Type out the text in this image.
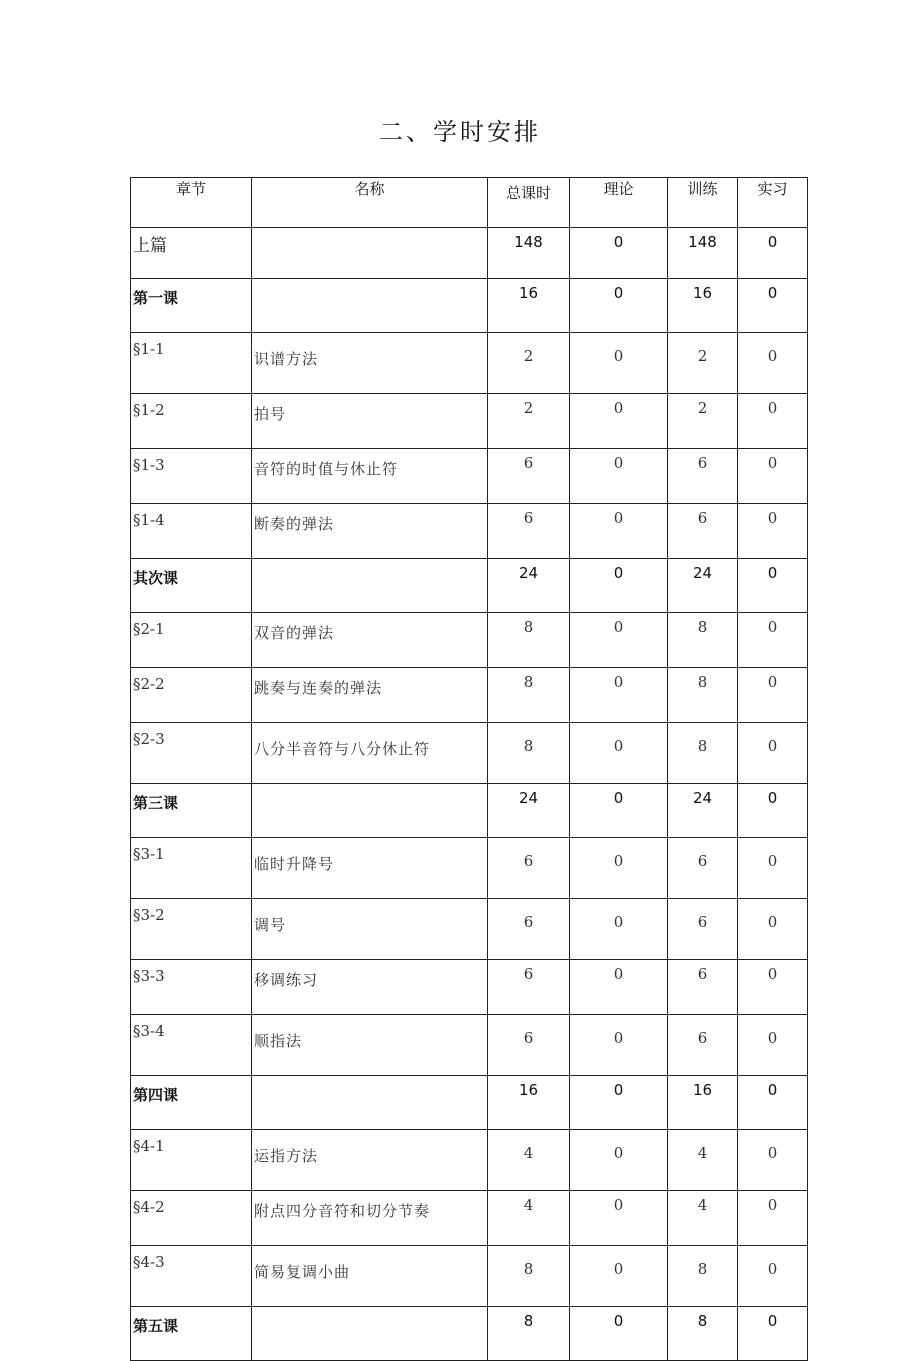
二、学时安排
章节	名称	总课时	理论	训练	实习
上篇		148	0	148	0
第一课		16	0	16	0
§1-1	识谱方法	2	0	2	0
§1-2	拍号	2	0	2	0
§1-3	音符的时值与休止符	6	0	6	0
§1-4	断奏的弹法	6	0	6	0
其次课		24	0	24	0
§2-1	双音的弹法	8	0	8	0
§2-2	跳奏与连奏的弹法	8	0	8	0
§2-3	八分半音符与八分休止符	8	0	8	0
第三课		24	0	24	0
§3-1	临时升降号	6	0	6	0
§3-2	调号	6	0	6	0
§3-3	移调练习	6	0	6	0
§3-4	顺指法	6	0	6	0
第四课		16	0	16	0
§4-1	运指方法	4	0	4	0
§4-2	附点四分音符和切分节奏	4	0	4	0
§4-3	简易复调小曲	8	0	8	0
第五课		8	0	8	0
